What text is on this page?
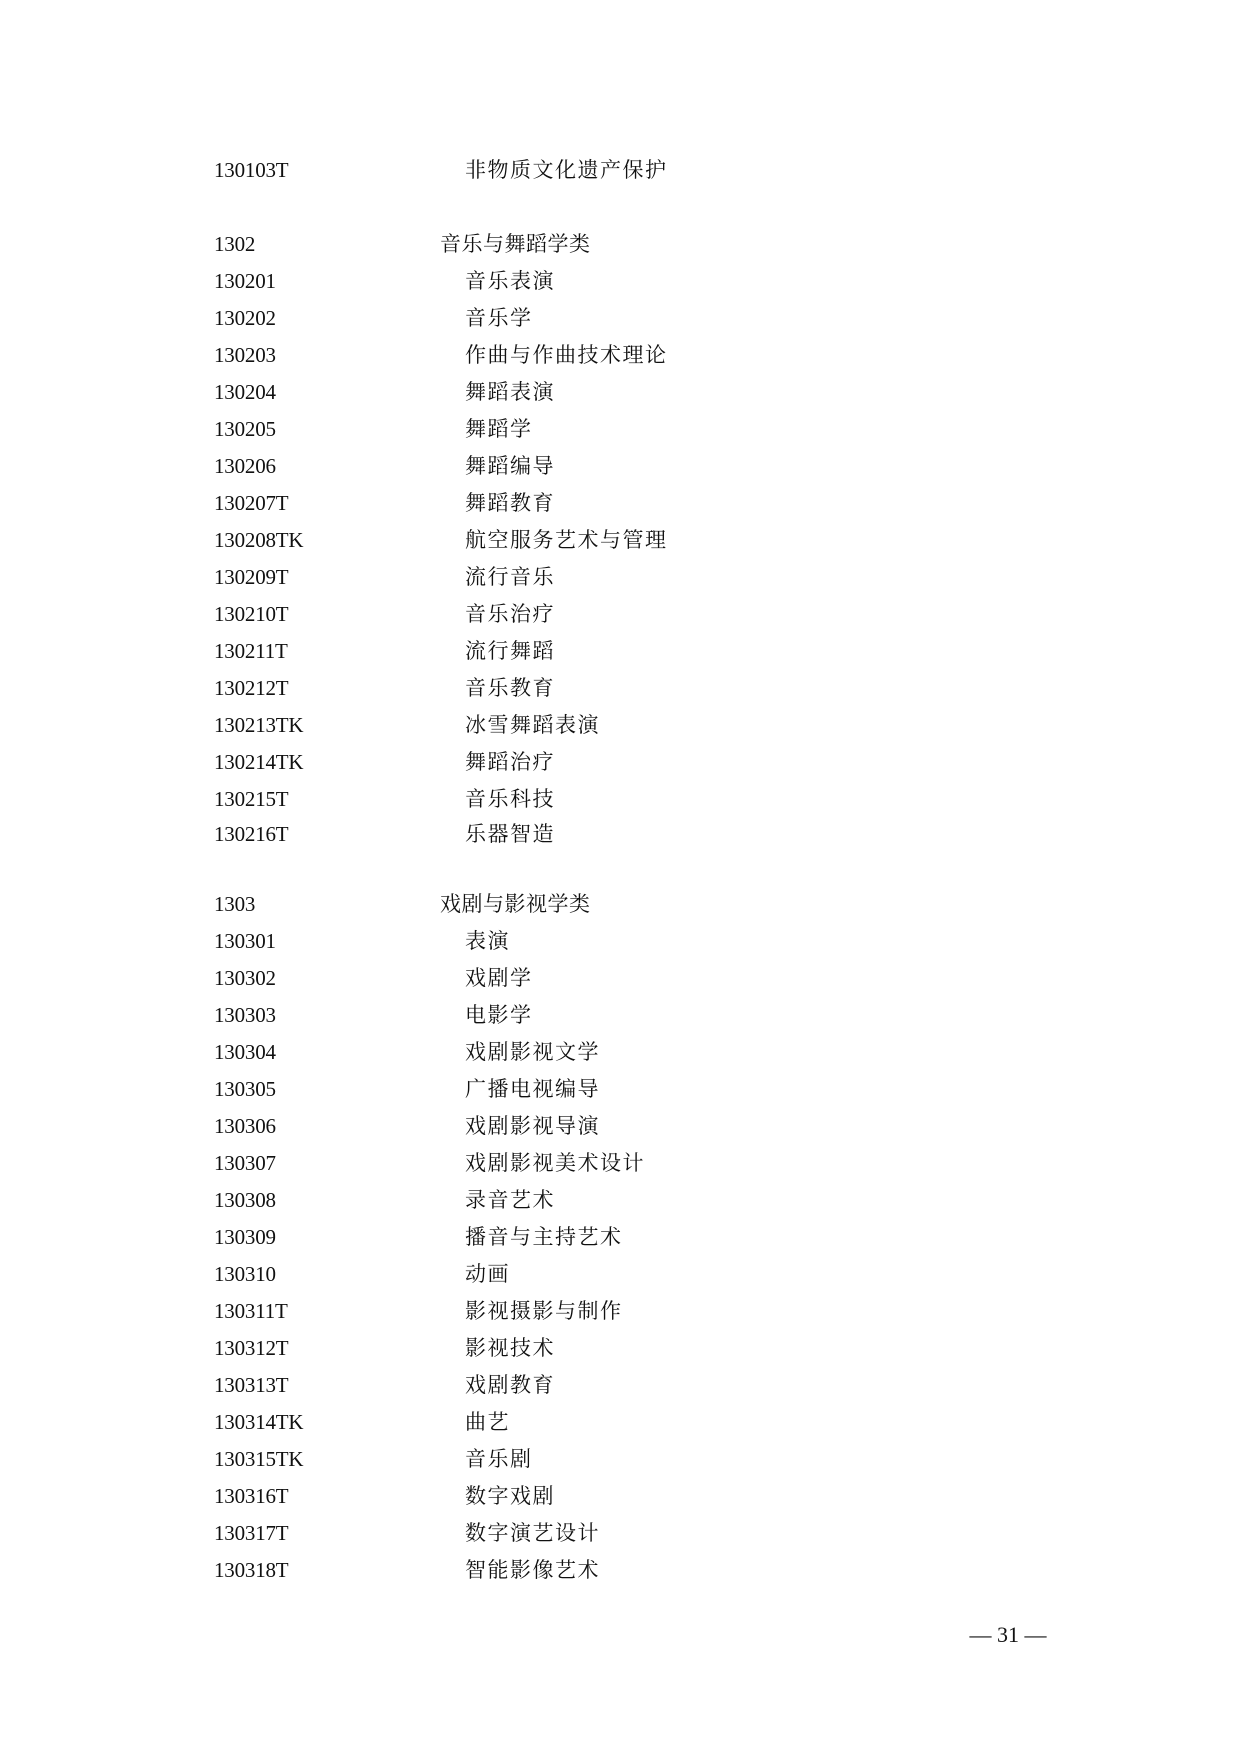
130103T	非物质文化遗产保护
1302	音乐与舞蹈学类
130201	音乐表演
130202	音乐学
130203	作曲与作曲技术理论
130204	舞蹈表演
130205	舞蹈学
130206	舞蹈编导
130207T	舞蹈教育
130208TK	航空服务艺术与管理
130209T	流行音乐
130210T	音乐治疗
130211T	流行舞蹈
130212T	音乐教育
130213TK	冰雪舞蹈表演
130214TK	舞蹈治疗
130215T	音乐科技
130216T	乐器智造
1303	戏剧与影视学类
130301	表演
130302	戏剧学
130303	电影学
130304	戏剧影视文学
130305	广播电视编导
130306	戏剧影视导演
130307	戏剧影视美术设计
130308	录音艺术
130309	播音与主持艺术
130310	动画
130311T	影视摄影与制作
130312T	影视技术
130313T	戏剧教育
130314TK	曲艺
130315TK	音乐剧
130316T	数字戏剧
130317T	数字演艺设计
130318T	智能影像艺术
— 31 —
